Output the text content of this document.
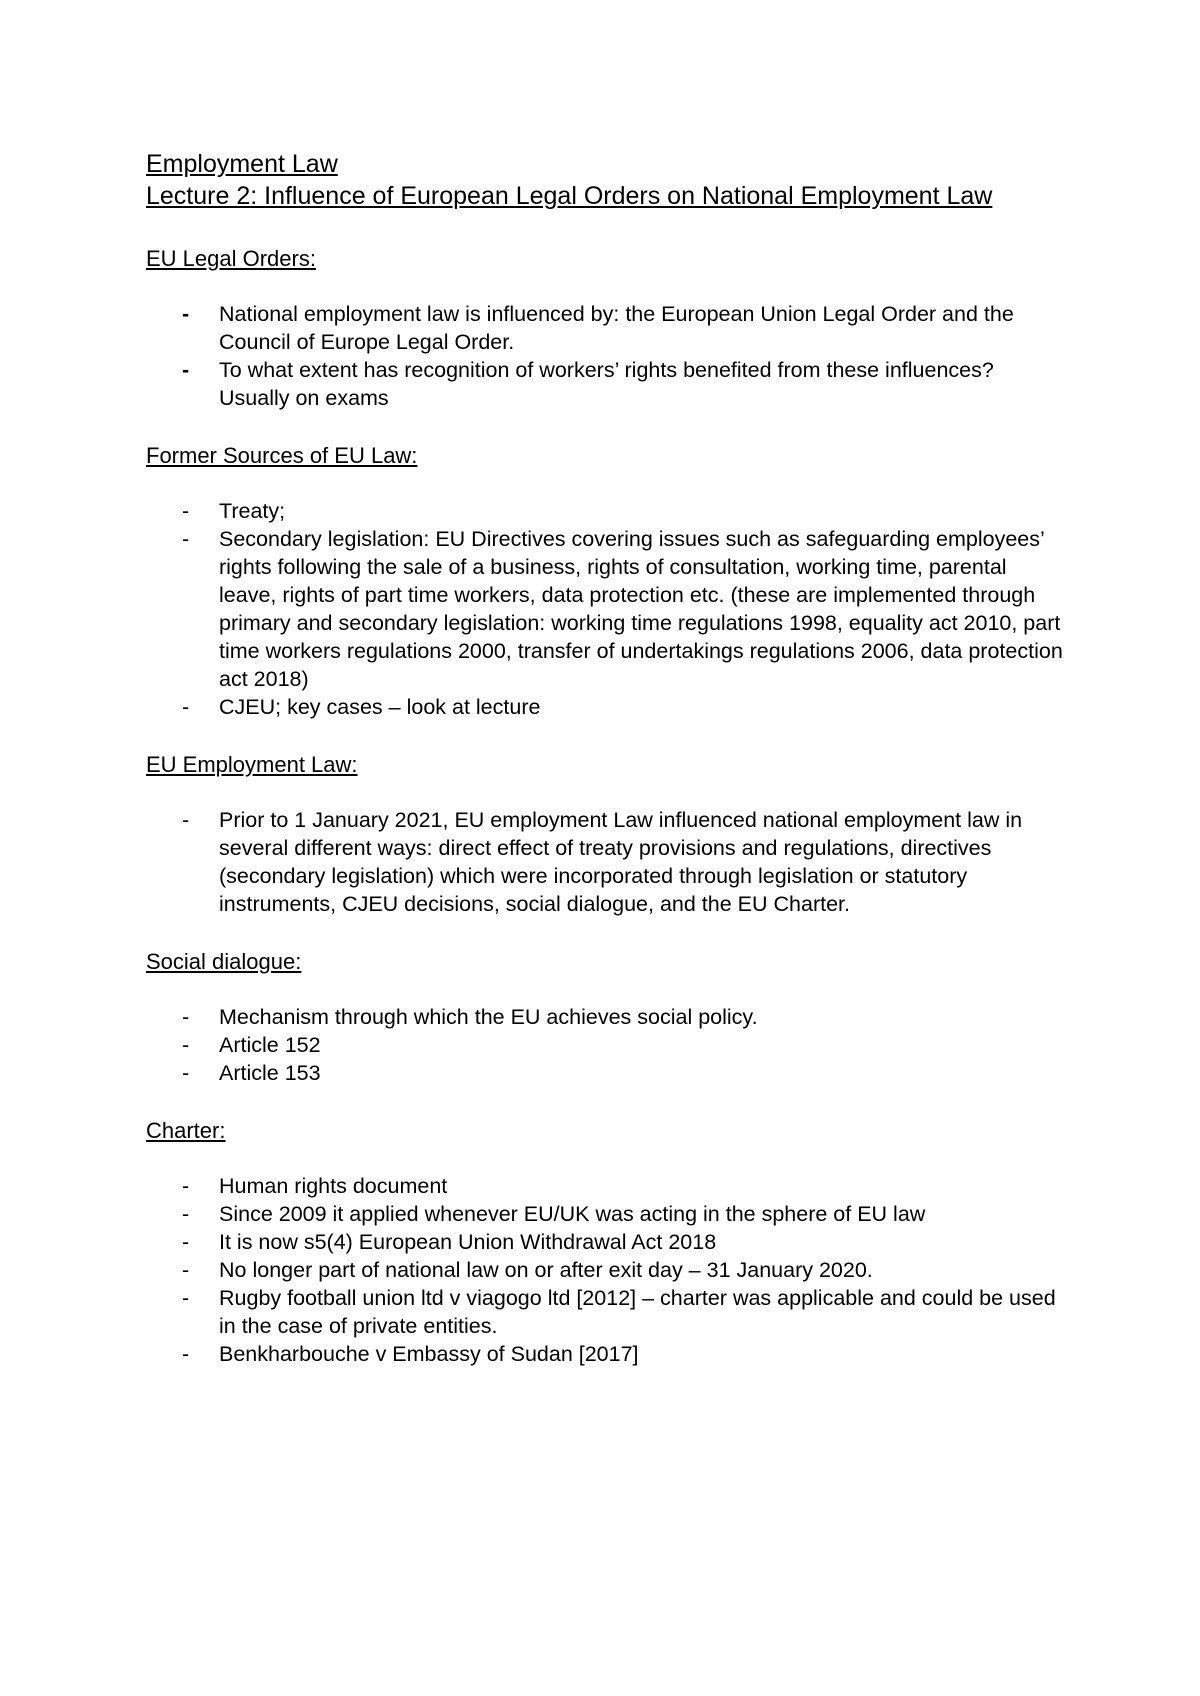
Employment Law
Lecture 2: Influence of European Legal Orders on National Employment Law
EU Legal Orders:
- National employment law is influenced by: the European Union Legal Order and the Council of Europe Legal Order.
- To what extent has recognition of workers’ rights benefited from these influences? Usually on exams
Former Sources of EU Law:
- Treaty;
- Secondary legislation: EU Directives covering issues such as safeguarding employees’ rights following the sale of a business, rights of consultation, working time, parental leave, rights of part time workers, data protection etc. (these are implemented through primary and secondary legislation: working time regulations 1998, equality act 2010, part time workers regulations 2000, transfer of undertakings regulations 2006, data protection act 2018)
- CJEU; key cases – look at lecture
EU Employment Law:
- Prior to 1 January 2021, EU employment Law influenced national employment law in several different ways: direct effect of treaty provisions and regulations, directives (secondary legislation) which were incorporated through legislation or statutory instruments, CJEU decisions, social dialogue, and the EU Charter.
Social dialogue:
- Mechanism through which the EU achieves social policy.
- Article 152
- Article 153
Charter:
- Human rights document
- Since 2009 it applied whenever EU/UK was acting in the sphere of EU law
- It is now s5(4) European Union Withdrawal Act 2018
- No longer part of national law on or after exit day – 31 January 2020.
- Rugby football union ltd v viagogo ltd [2012] – charter was applicable and could be used in the case of private entities.
- Benkharbouche v Embassy of Sudan [2017]
